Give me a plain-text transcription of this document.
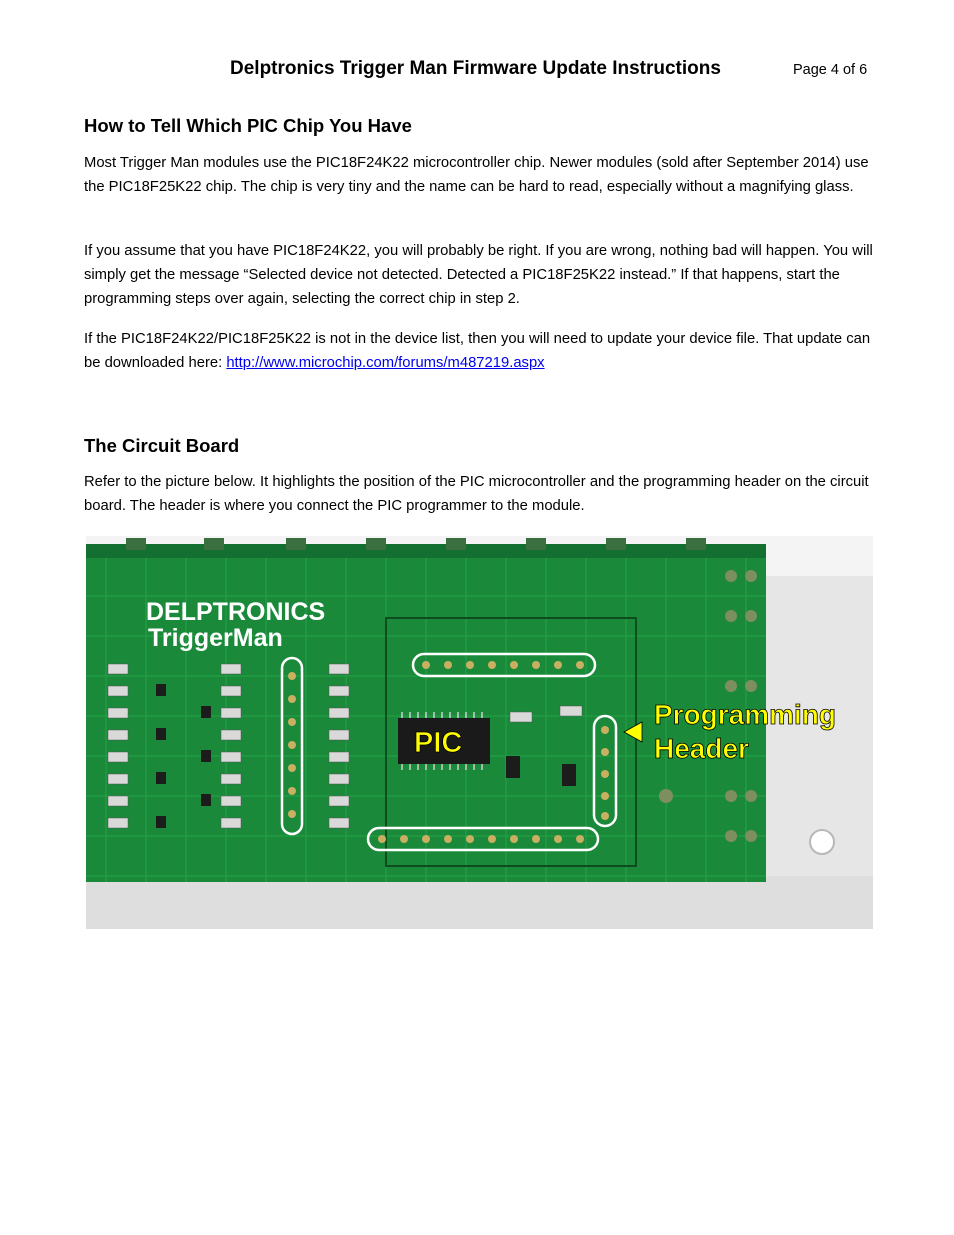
Delptronics Trigger Man Firmware Update Instructions	Page 4 of 6
How to Tell Which PIC Chip You Have

Most Trigger Man modules use the PIC18F24K22 microcontroller chip. Newer modules (sold after September 2014) use the PIC18F25K22 chip. The chip is very tiny and the name can be hard to read, especially without a magnifying glass.

If you assume that you have PIC18F24K22, you will probably be right. If you are wrong, nothing bad will happen. You will simply get the message “Selected device not detected. Detected a PIC18F25K22 instead.” If that happens, start the programming steps over again, selecting the correct chip in step 2.

If the PIC18F24K22/PIC18F25K22 is not in the device list, then you will need to update your device file. That update can be downloaded here: http://www.microchip.com/forums/m487219.aspx

The Circuit Board

Refer to the picture below. It highlights the position of the PIC microcontroller and the programming header on the circuit board. The header is where you connect the PIC programmer to the module.

DELPTRONICS
TriggerMan
PIC
Programming
Header
